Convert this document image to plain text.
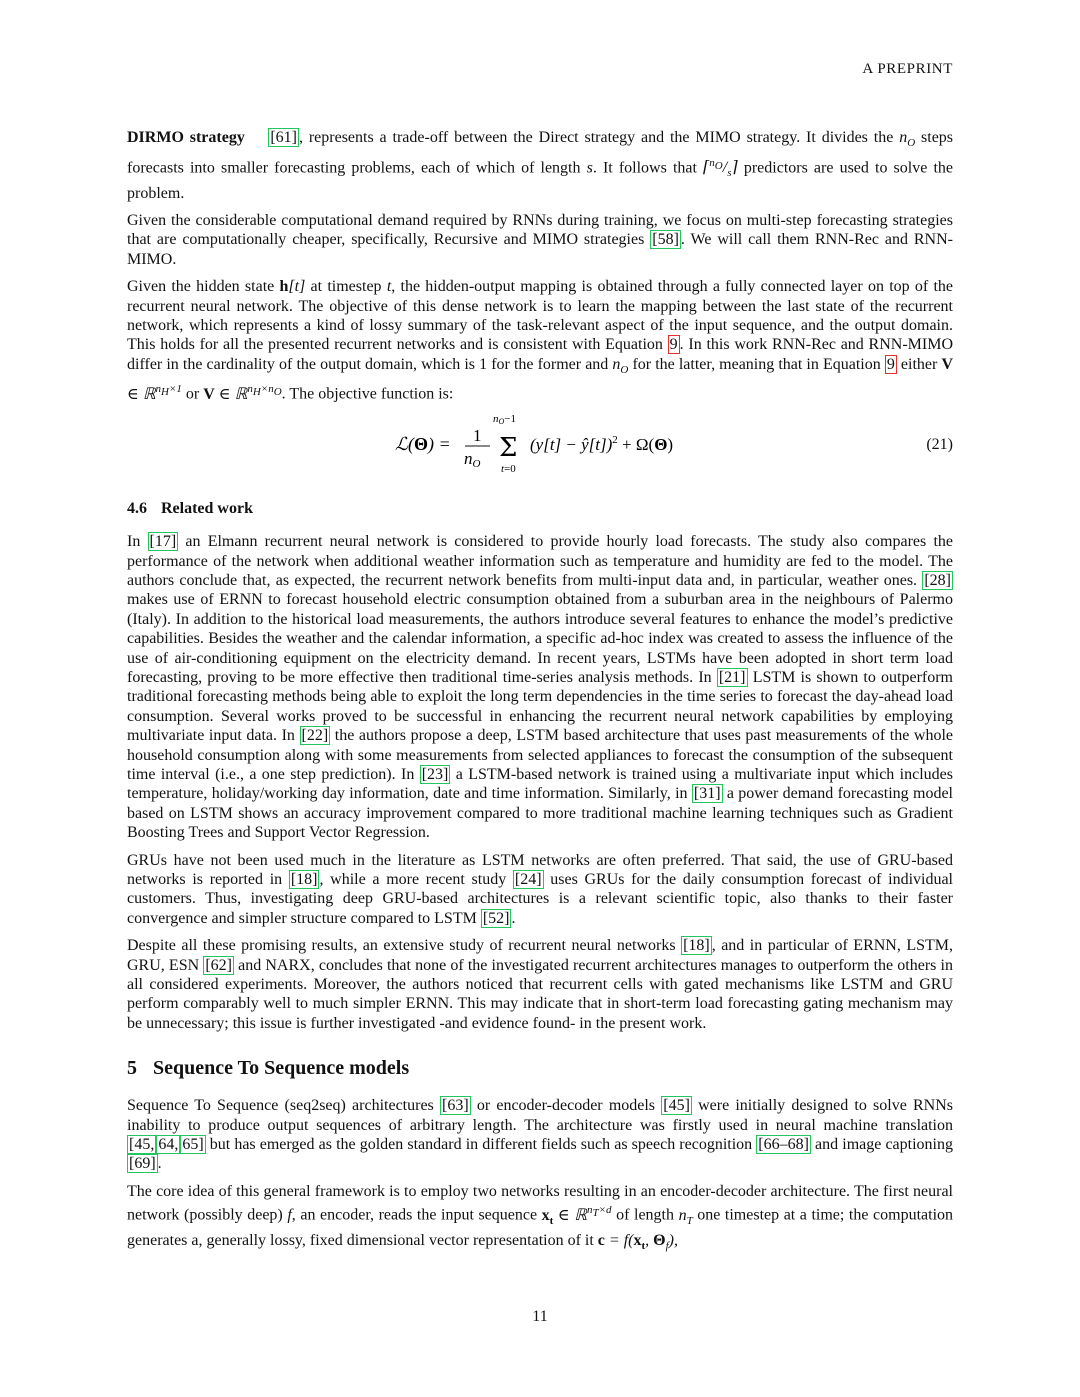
A PREPRINT

DIRMO strategy [61] , represents a trade-off between the Direct strategy and the MIMO strategy. It divides the $n_O$ steps forecasts into smaller forecasting problems, each of which of length s. It follows that $⌈^{n_O}/_s⌉$ predictors are used to solve the problem.

Given the considerable computational demand required by RNNs during training, we focus on multi-step forecasting strategies that are computationally cheaper, specifically, Recursive and MIMO strategies [58] . We will call them RNN-Rec and RNN-MIMO.

Given the hidden state h[t] at timestep t, the hidden-output mapping is obtained through a fully connected layer on top of the recurrent neural network. The objective of this dense network is to learn the mapping between the last state of the recurrent network, which represents a kind of lossy summary of the task-relevant aspect of the input sequence, and the output domain. This holds for all the presented recurrent networks and is consistent with Equation 9 . In this work RNN-Rec and RNN-MIMO differ in the cardinality of the output domain, which is 1 for the former and $n_O$ for the latter, meaning that in Equation 9 either V ∈ ℝ$^{n_H\times 1}$ or V ∈ ℝ$^{n_H\times n_O}$. The objective function is:

ℒ(Θ) = 1
nO
nO−1
Σ
t=0
(y[t] − ŷ[t])$^2$ + Ω(Θ)	(21)
4.6 Related work

In [17] an Elmann recurrent neural network is considered to provide hourly load forecasts. The study also compares the performance of the network when additional weather information such as temperature and humidity are fed to the model. The authors conclude that, as expected, the recurrent network benefits from multi-input data and, in particular, weather ones. [28] makes use of ERNN to forecast household electric consumption obtained from a suburban area in the neighbours of Palermo (Italy). In addition to the historical load measurements, the authors introduce several features to enhance the model’s predictive capabilities. Besides the weather and the calendar information, a specific ad-hoc index was created to assess the influence of the use of air-conditioning equipment on the electricity demand. In recent years, LSTMs have been adopted in short term load forecasting, proving to be more effective then traditional time-series analysis methods. In [21] LSTM is shown to outperform traditional forecasting methods being able to exploit the long term dependencies in the time series to forecast the day-ahead load consumption. Several works proved to be successful in enhancing the recurrent neural network capabilities by employing multivariate input data. In [22] the authors propose a deep, LSTM based architecture that uses past measurements of the whole household consumption along with some measurements from selected appliances to forecast the consumption of the subsequent time interval (i.e., a one step prediction). In [23] a LSTM-based network is trained using a multivariate input which includes temperature, holiday/working day information, date and time information. Similarly, in [31] a power demand forecasting model based on LSTM shows an accuracy improvement compared to more traditional machine learning techniques such as Gradient Boosting Trees and Support Vector Regression.

GRUs have not been used much in the literature as LSTM networks are often preferred. That said, the use of GRU-based networks is reported in [18] , while a more recent study [24] uses GRUs for the daily consumption forecast of individual customers. Thus, investigating deep GRU-based architectures is a relevant scientific topic, also thanks to their faster convergence and simpler structure compared to LSTM [52] .

Despite all these promising results, an extensive study of recurrent neural networks [18] , and in particular of ERNN, LSTM, GRU, ESN [62] and NARX, concludes that none of the investigated recurrent architectures manages to outperform the others in all considered experiments. Moreover, the authors noticed that recurrent cells with gated mechanisms like LSTM and GRU perform comparably well to much simpler ERNN. This may indicate that in short-term load forecasting gating mechanism may be unnecessary; this issue is further investigated -and evidence found- in the present work.

5 Sequence To Sequence models

Sequence To Sequence (seq2seq) architectures [63] or encoder-decoder models [45] were initially designed to solve RNNs inability to produce output sequences of arbitrary length. The architecture was firstly used in neural machine translation [45, 64, 65] but has emerged as the golden standard in different fields such as speech recognition [66–68] and image captioning [69] .

The core idea of this general framework is to employ two networks resulting in an encoder-decoder architecture. The first neural network (possibly deep) f, an encoder, reads the input sequence $x_t$ ∈ ℝ$^{n_T\times d}$ of length $n_T$ one timestep at a time; the computation generates a, generally lossy, fixed dimensional vector representation of it $c = f(x_t$, $\Theta_f$),

11
